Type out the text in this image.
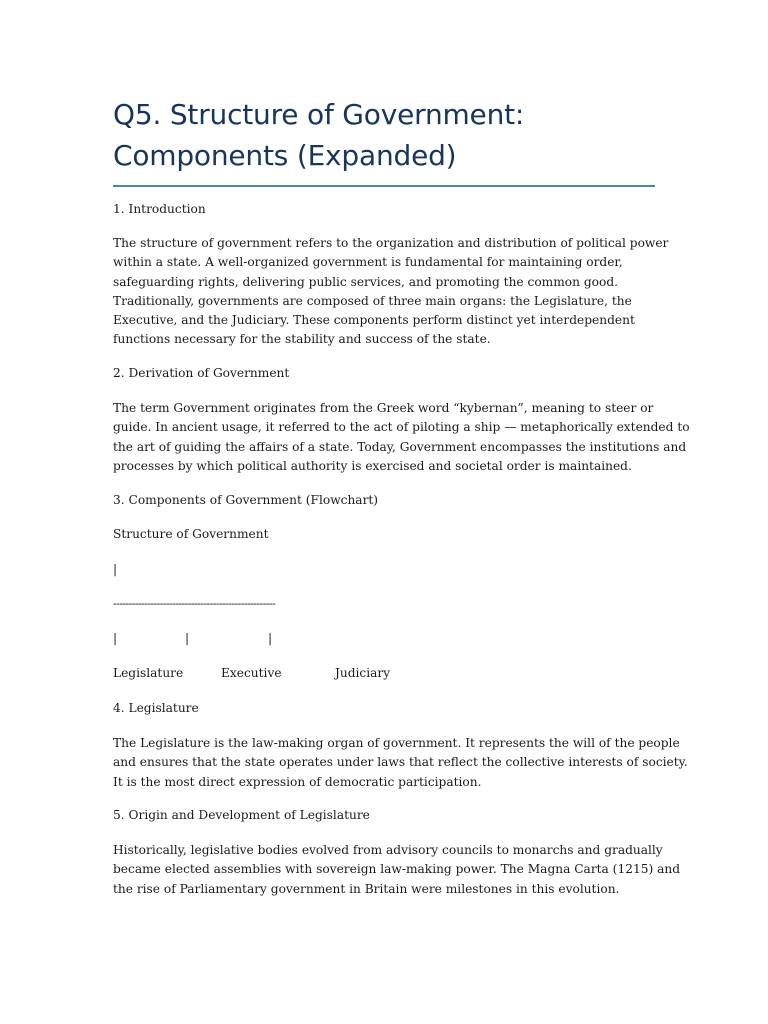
Q5. Structure of Government:
Components (Expanded)

1. Introduction

The structure of government refers to the organization and distribution of political power

within a state. A well-organized government is fundamental for maintaining order,

safeguarding rights, delivering public services, and promoting the common good.

Traditionally, governments are composed of three main organs: the Legislature, the

Executive, and the Judiciary. These components perform distinct yet interdependent

functions necessary for the stability and success of the state.

2. Derivation of Government

The term Government originates from the Greek word “kybernan”, meaning to steer or

guide. In ancient usage, it referred to the act of piloting a ship — metaphorically extended to

the art of guiding the affairs of a state. Today, Government encompasses the institutions and

processes by which political authority is exercised and societal order is maintained.

3. Components of Government (Flowchart)

Structure of Government

|

----------------------------------------------------

|	|	|
Legislature	Executive	Judiciary

4. Legislature

The Legislature is the law-making organ of government. It represents the will of the people

and ensures that the state operates under laws that reflect the collective interests of society.

It is the most direct expression of democratic participation.

5. Origin and Development of Legislature

Historically, legislative bodies evolved from advisory councils to monarchs and gradually

became elected assemblies with sovereign law-making power. The Magna Carta (1215) and

the rise of Parliamentary government in Britain were milestones in this evolution.
